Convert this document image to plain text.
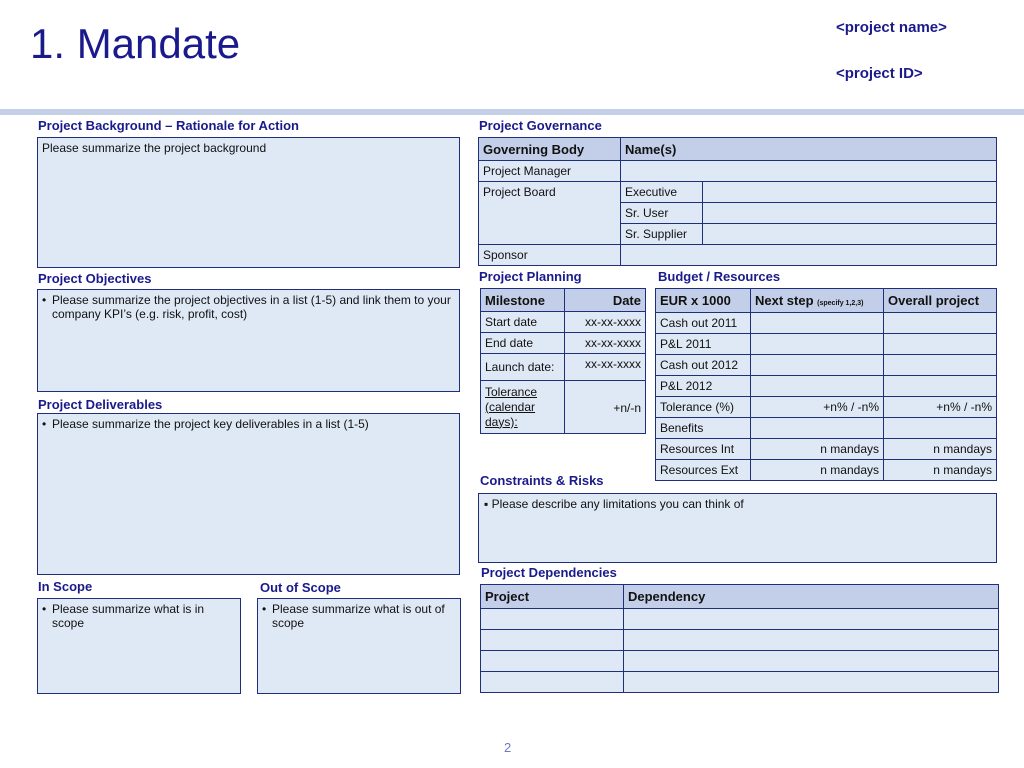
1. Mandate	<project name>
<project ID>
Project Background – Rationale for Action
Please summarize the project background
Project Objectives
• Please summarize the project objectives in a list (1-5) and link them to your company KPI’s (e.g. risk, profit, cost)
Project Deliverables
• Please summarize the project key deliverables in a list (1-5)
In Scope
• Please summarize what is in scope
Out of Scope
• Please summarize what is out of scope
Project Governance
Governing Body	Name(s)	
Project Manager		
Project Board	Executive	
	Sr. User	
	Sr. Supplier	
Sponsor		
Project Planning
Milestone	Date
Start date	xx-xx-xxxx
End date	xx-xx-xxxx
Launch date:	xx-xx-xxxx
Tolerance (calendar days):	+n/-n
Budget / Resources
EUR x 1000	Next step (specify 1,2,3)	Overall project
Cash out 2011		
P&L 2011		
Cash out 2012		
P&L 2012		
Tolerance (%)	+n% / -n%	+n% / -n%
Benefits		
Resources Int	n mandays	n mandays
Resources Ext	n mandays	n mandays
Constraints & Risks
▪ Please describe any limitations you can think of
Project Dependencies
Project	Dependency

2
